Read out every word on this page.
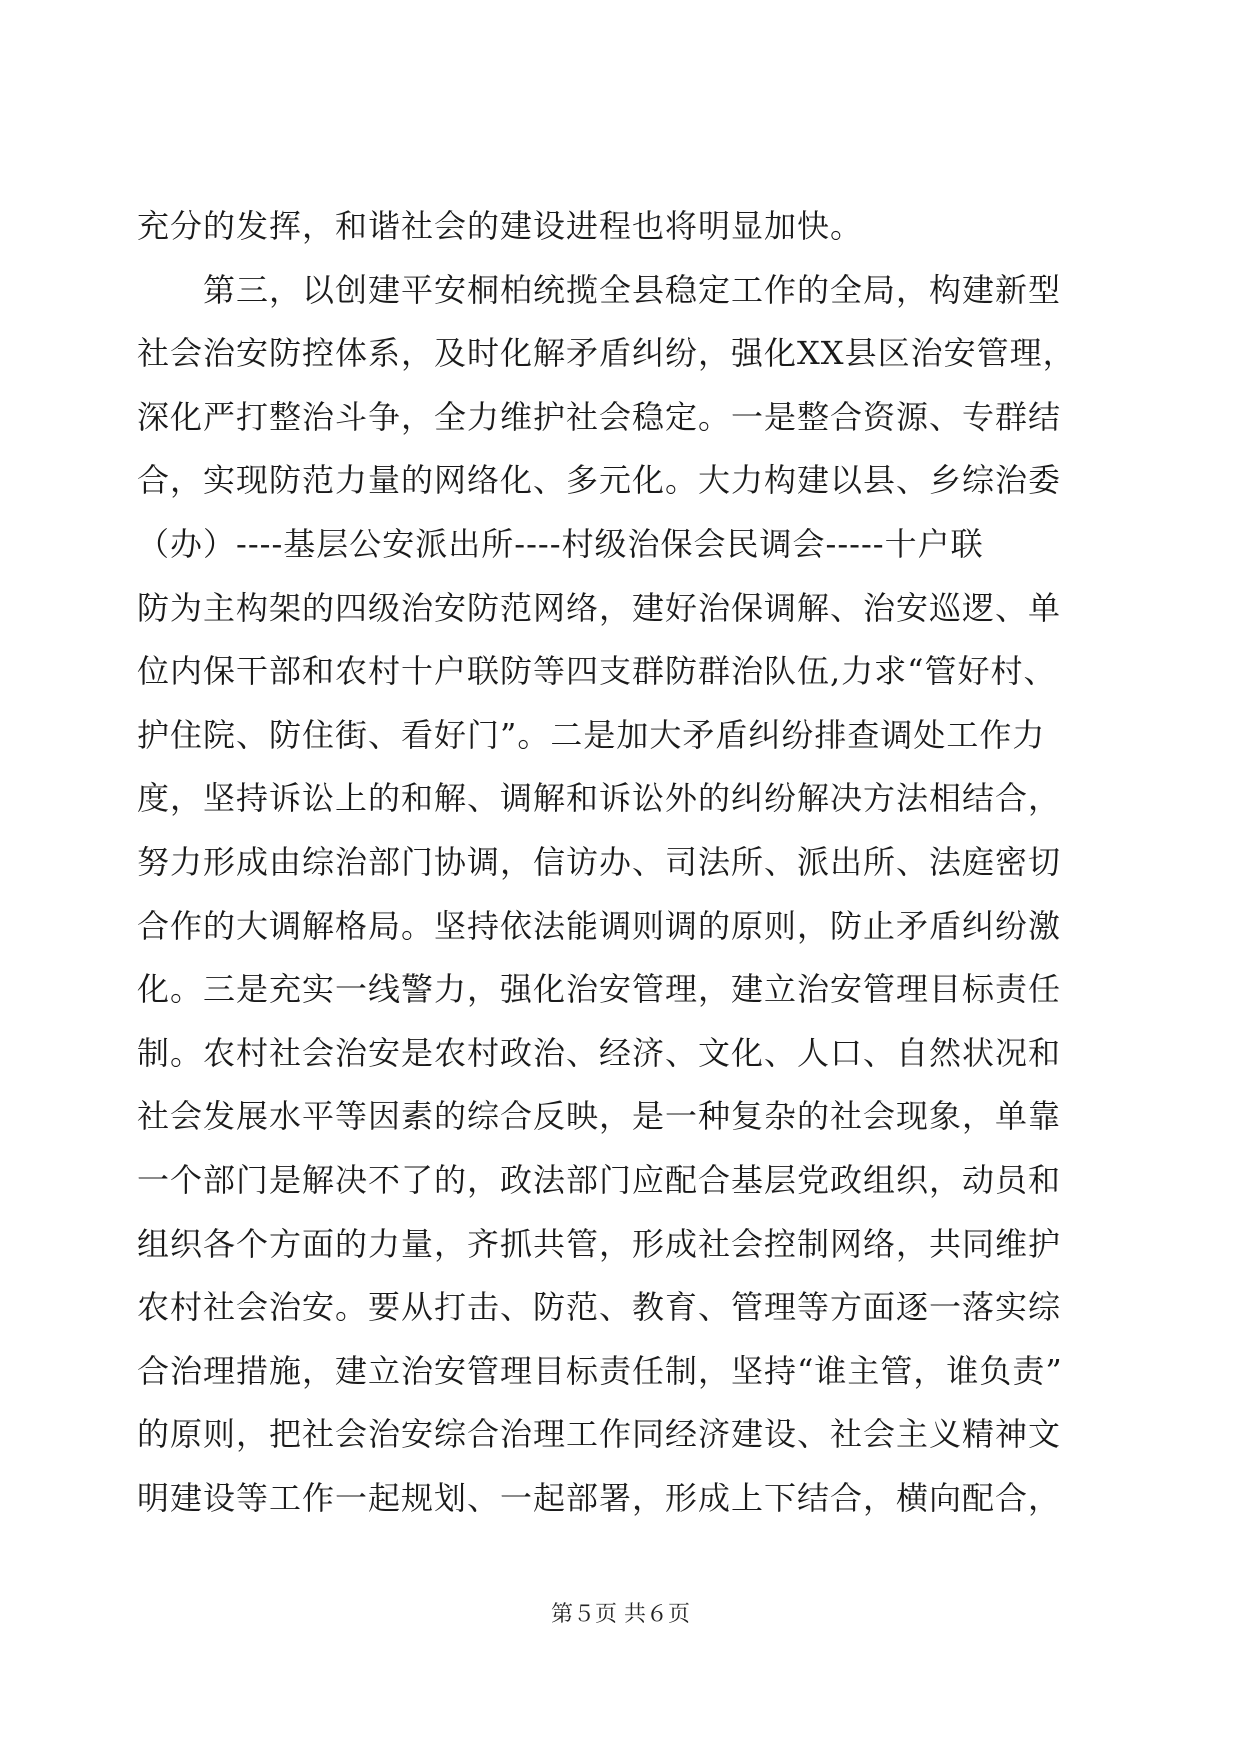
充分的发挥，和谐社会的建设进程也将明显加快。
　　第三，以创建平安桐柏统揽全县稳定工作的全局，构建新型
社会治安防控体系，及时化解矛盾纠纷，强化XX县区治安管理，
深化严打整治斗争，全力维护社会稳定。一是整合资源、专群结
合，实现防范力量的网络化、多元化。大力构建以县、乡综治委
（办）----基层公安派出所----村级治保会民调会-----十户联
防为主构架的四级治安防范网络，建好治保调解、治安巡逻、单
位内保干部和农村十户联防等四支群防群治队伍,力求“管好村、
护住院、防住街、看好门”。二是加大矛盾纠纷排查调处工作力
度，坚持诉讼上的和解、调解和诉讼外的纠纷解决方法相结合，
努力形成由综治部门协调，信访办、司法所、派出所、法庭密切
合作的大调解格局。坚持依法能调则调的原则，防止矛盾纠纷激
化。三是充实一线警力，强化治安管理，建立治安管理目标责任
制。农村社会治安是农村政治、经济、文化、人口、自然状况和
社会发展水平等因素的综合反映，是一种复杂的社会现象，单靠
一个部门是解决不了的，政法部门应配合基层党政组织，动员和
组织各个方面的力量，齐抓共管，形成社会控制网络，共同维护
农村社会治安。要从打击、防范、教育、管理等方面逐一落实综
合治理措施，建立治安管理目标责任制，坚持“谁主管，谁负责”
的原则，把社会治安综合治理工作同经济建设、社会主义精神文
明建设等工作一起规划、一起部署，形成上下结合，横向配合，
第５页 共６页
